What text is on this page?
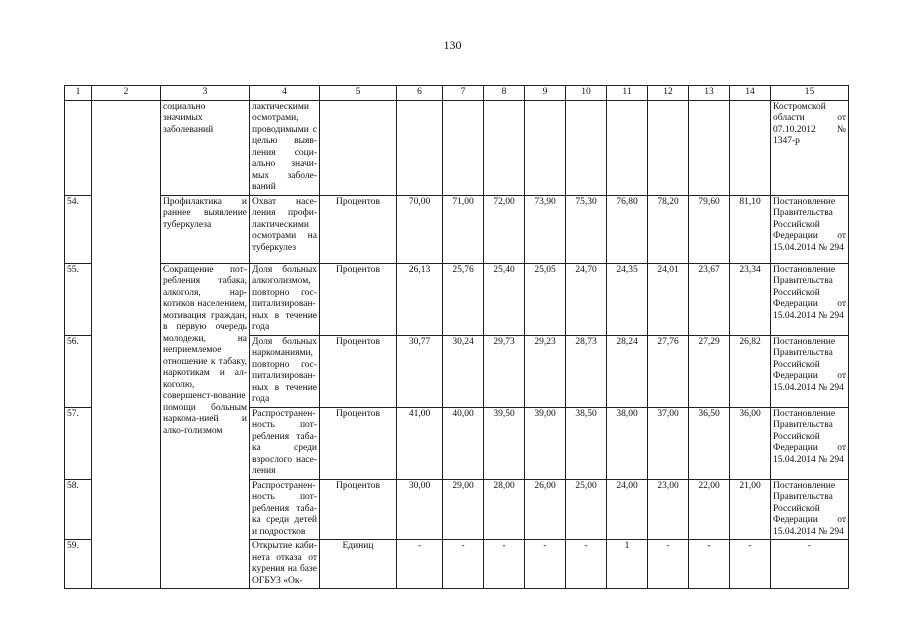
130
1	2	3	4	5	6	7	8	9	10	11	12	13	14	15
		социально значимых заболеваний	лактическими осмотрами, проводимыми с целью выяв-ления соци-ально значи-мых заболе-ваний											Костромской области от 07.10.2012 № 1347-р
54.		Профилактика и раннее выявление туберкулеза	Охват насе-ления профи-лактическими осмотрами на туберкулез	Процентов	70,00	71,00	72,00	73,90	75,30	76,80	78,20	79,60	81,10	Постановление Правительства Российской Федерации от 15.04.2014 № 294
55.		Сокращение пот-ребления табака, алкоголя, нар-котиков населением, мотивация граждан, в первую очередь молодежи, на неприемлемое отношение к табаку, наркотикам и ал-коголю, совершенст-вование помощи больным наркома-нией и алко-голизмом	Доля больных алкоголизмом, повторно гос-питализирован-ных в течение года	Процентов	26,13	25,76	25,40	25,05	24,70	24,35	24,01	23,67	23,34	Постановление Правительства Российской Федерации от 15.04.2014 № 294
56.			Доля больных наркоманиями, повторно гос-питализирован-ных в течение года	Процентов	30,77	30,24	29,73	29,23	28,73	28,24	27,76	27,29	26,82	Постановление Правительства Российской Федерации от 15.04.2014 № 294
57.			Распространен-ность пот-ребления таба-ка среди взрослого насе-ления	Процентов	41,00	40,00	39,50	39,00	38,50	38,00	37,00	36,50	36,00	Постановление Правительства Российской Федерации от 15.04.2014 № 294
58.			Распространен-ность пот-ребления таба-ка среди детей и подростков	Процентов	30,00	29,00	28,00	26,00	25,00	24,00	23,00	22,00	21,00	Постановление Правительства Российской Федерации от 15.04.2014 № 294
59.			Открытие каби-нета отказа от курения на базе ОГБУЗ «Ок-	Единиц	-	-	-	-	-	1	-	-	-	-
